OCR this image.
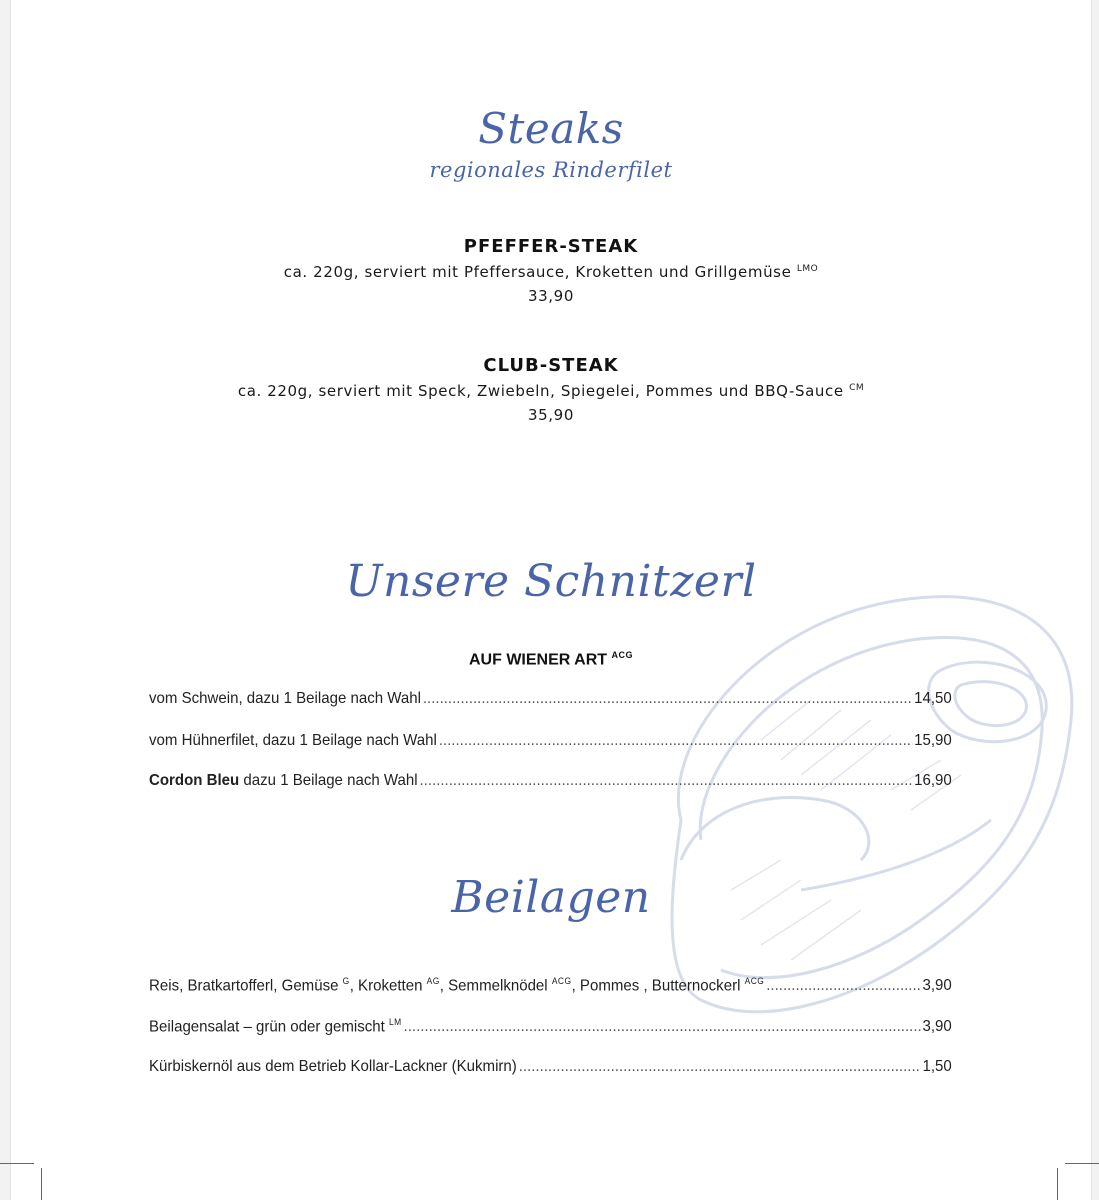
Steaks
regionales Rinderfilet
PFEFFER-STEAK
ca. 220g, serviert mit Pfeffersauce, Kroketten und Grillgemüse $^{LMO}$
33,90
CLUB-STEAK
ca. 220g, serviert mit Speck, Zwiebeln, Spiegelei, Pommes und BBQ-Sauce $^{CM}$
35,90
Unsere Schnitzerl
AUF WIENER ART $^{ACG}$
vom Schwein, dazu 1 Beilage nach Wahl .....	14,50
vom Hühnerfilet, dazu 1 Beilage nach Wahl .....	15,90
Cordon Bleu dazu 1 Beilage nach Wahl .....	16,90
Beilagen
Reis, Bratkartofferl, Gemüse $^G$, Kroketten $^{AG}$, Semmelknödel $^{ACG}$, Pommes , Butternockerl $^{ACG}$ .....	3,90
Beilagensalat – grün oder gemischt $^{LM}$ .....	3,90
Kürbiskernöl aus dem Betrieb Kollar-Lackner (Kukmirn) .....	1,50
